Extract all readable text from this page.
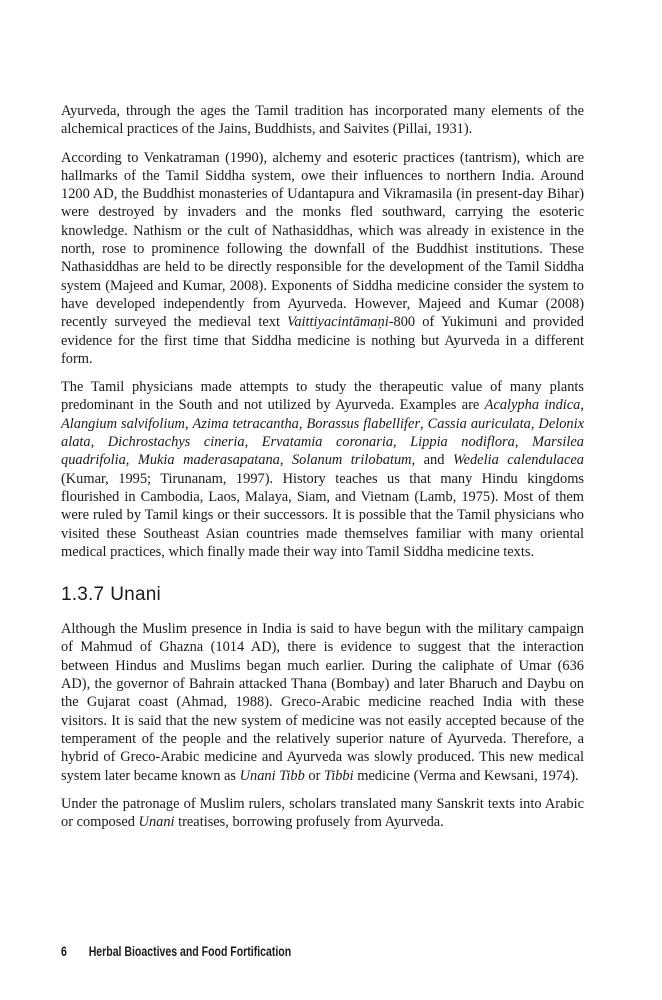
Ayurveda, through the ages the Tamil tradition has incorporated many elements of the alchemical practices of the Jains, Buddhists, and Saivites (Pillai, 1931).

According to Venkatraman (1990), alchemy and esoteric practices (tantrism), which are hallmarks of the Tamil Siddha system, owe their influences to northern India. Around 1200 AD, the Buddhist monasteries of Udantapura and Vikramasila (in present-day Bihar) were destroyed by invaders and the monks fled southward, carrying the esoteric knowledge. Nathism or the cult of Nathasiddhas, which was already in existence in the north, rose to prominence following the downfall of the Buddhist institutions. These Nathasiddhas are held to be directly responsible for the development of the Tamil Siddha system (Majeed and Kumar, 2008). Exponents of Siddha medicine consider the system to have developed independently from Ayurveda. However, Majeed and Kumar (2008) recently surveyed the medieval text Vaittiyacintāmaṇi-800 of Yukimuni and provided evidence for the first time that Siddha medicine is nothing but Ayurveda in a different form.

The Tamil physicians made attempts to study the therapeutic value of many plants predominant in the South and not utilized by Ayurveda. Examples are Acalypha indica, Alangium salvifolium, Azima tetracantha, Borassus flabellifer, Cassia auriculata, Delonix alata, Dichrostachys cineria, Ervatamia coronaria, Lippia nodiflora, Marsilea quadrifolia, Mukia maderasapatana, Solanum trilobatum, and Wedelia calendulacea (Kumar, 1995; Tirunanam, 1997). History teaches us that many Hindu kingdoms flourished in Cambodia, Laos, Malaya, Siam, and Vietnam (Lamb, 1975). Most of them were ruled by Tamil kings or their successors. It is possible that the Tamil physicians who visited these Southeast Asian countries made themselves familiar with many oriental medical practices, which finally made their way into Tamil Siddha medicine texts.

1.3.7 Unani

Although the Muslim presence in India is said to have begun with the military campaign of Mahmud of Ghazna (1014 AD), there is evidence to suggest that the interaction between Hindus and Muslims began much earlier. During the caliphate of Umar (636 AD), the governor of Bahrain attacked Thana (Bombay) and later Bharuch and Daybu on the Gujarat coast (Ahmad, 1988). Greco-Arabic medicine reached India with these visitors. It is said that the new system of medicine was not easily accepted because of the temperament of the people and the relatively superior nature of Ayurveda. Therefore, a hybrid of Greco-Arabic medicine and Ayurveda was slowly produced. This new medical system later became known as Unani Tibb or Tibbi medicine (Verma and Kewsani, 1974).

Under the patronage of Muslim rulers, scholars translated many Sanskrit texts into Arabic or composed Unani treatises, borrowing profusely from Ayurveda.

6 Herbal Bioactives and Food Fortification
